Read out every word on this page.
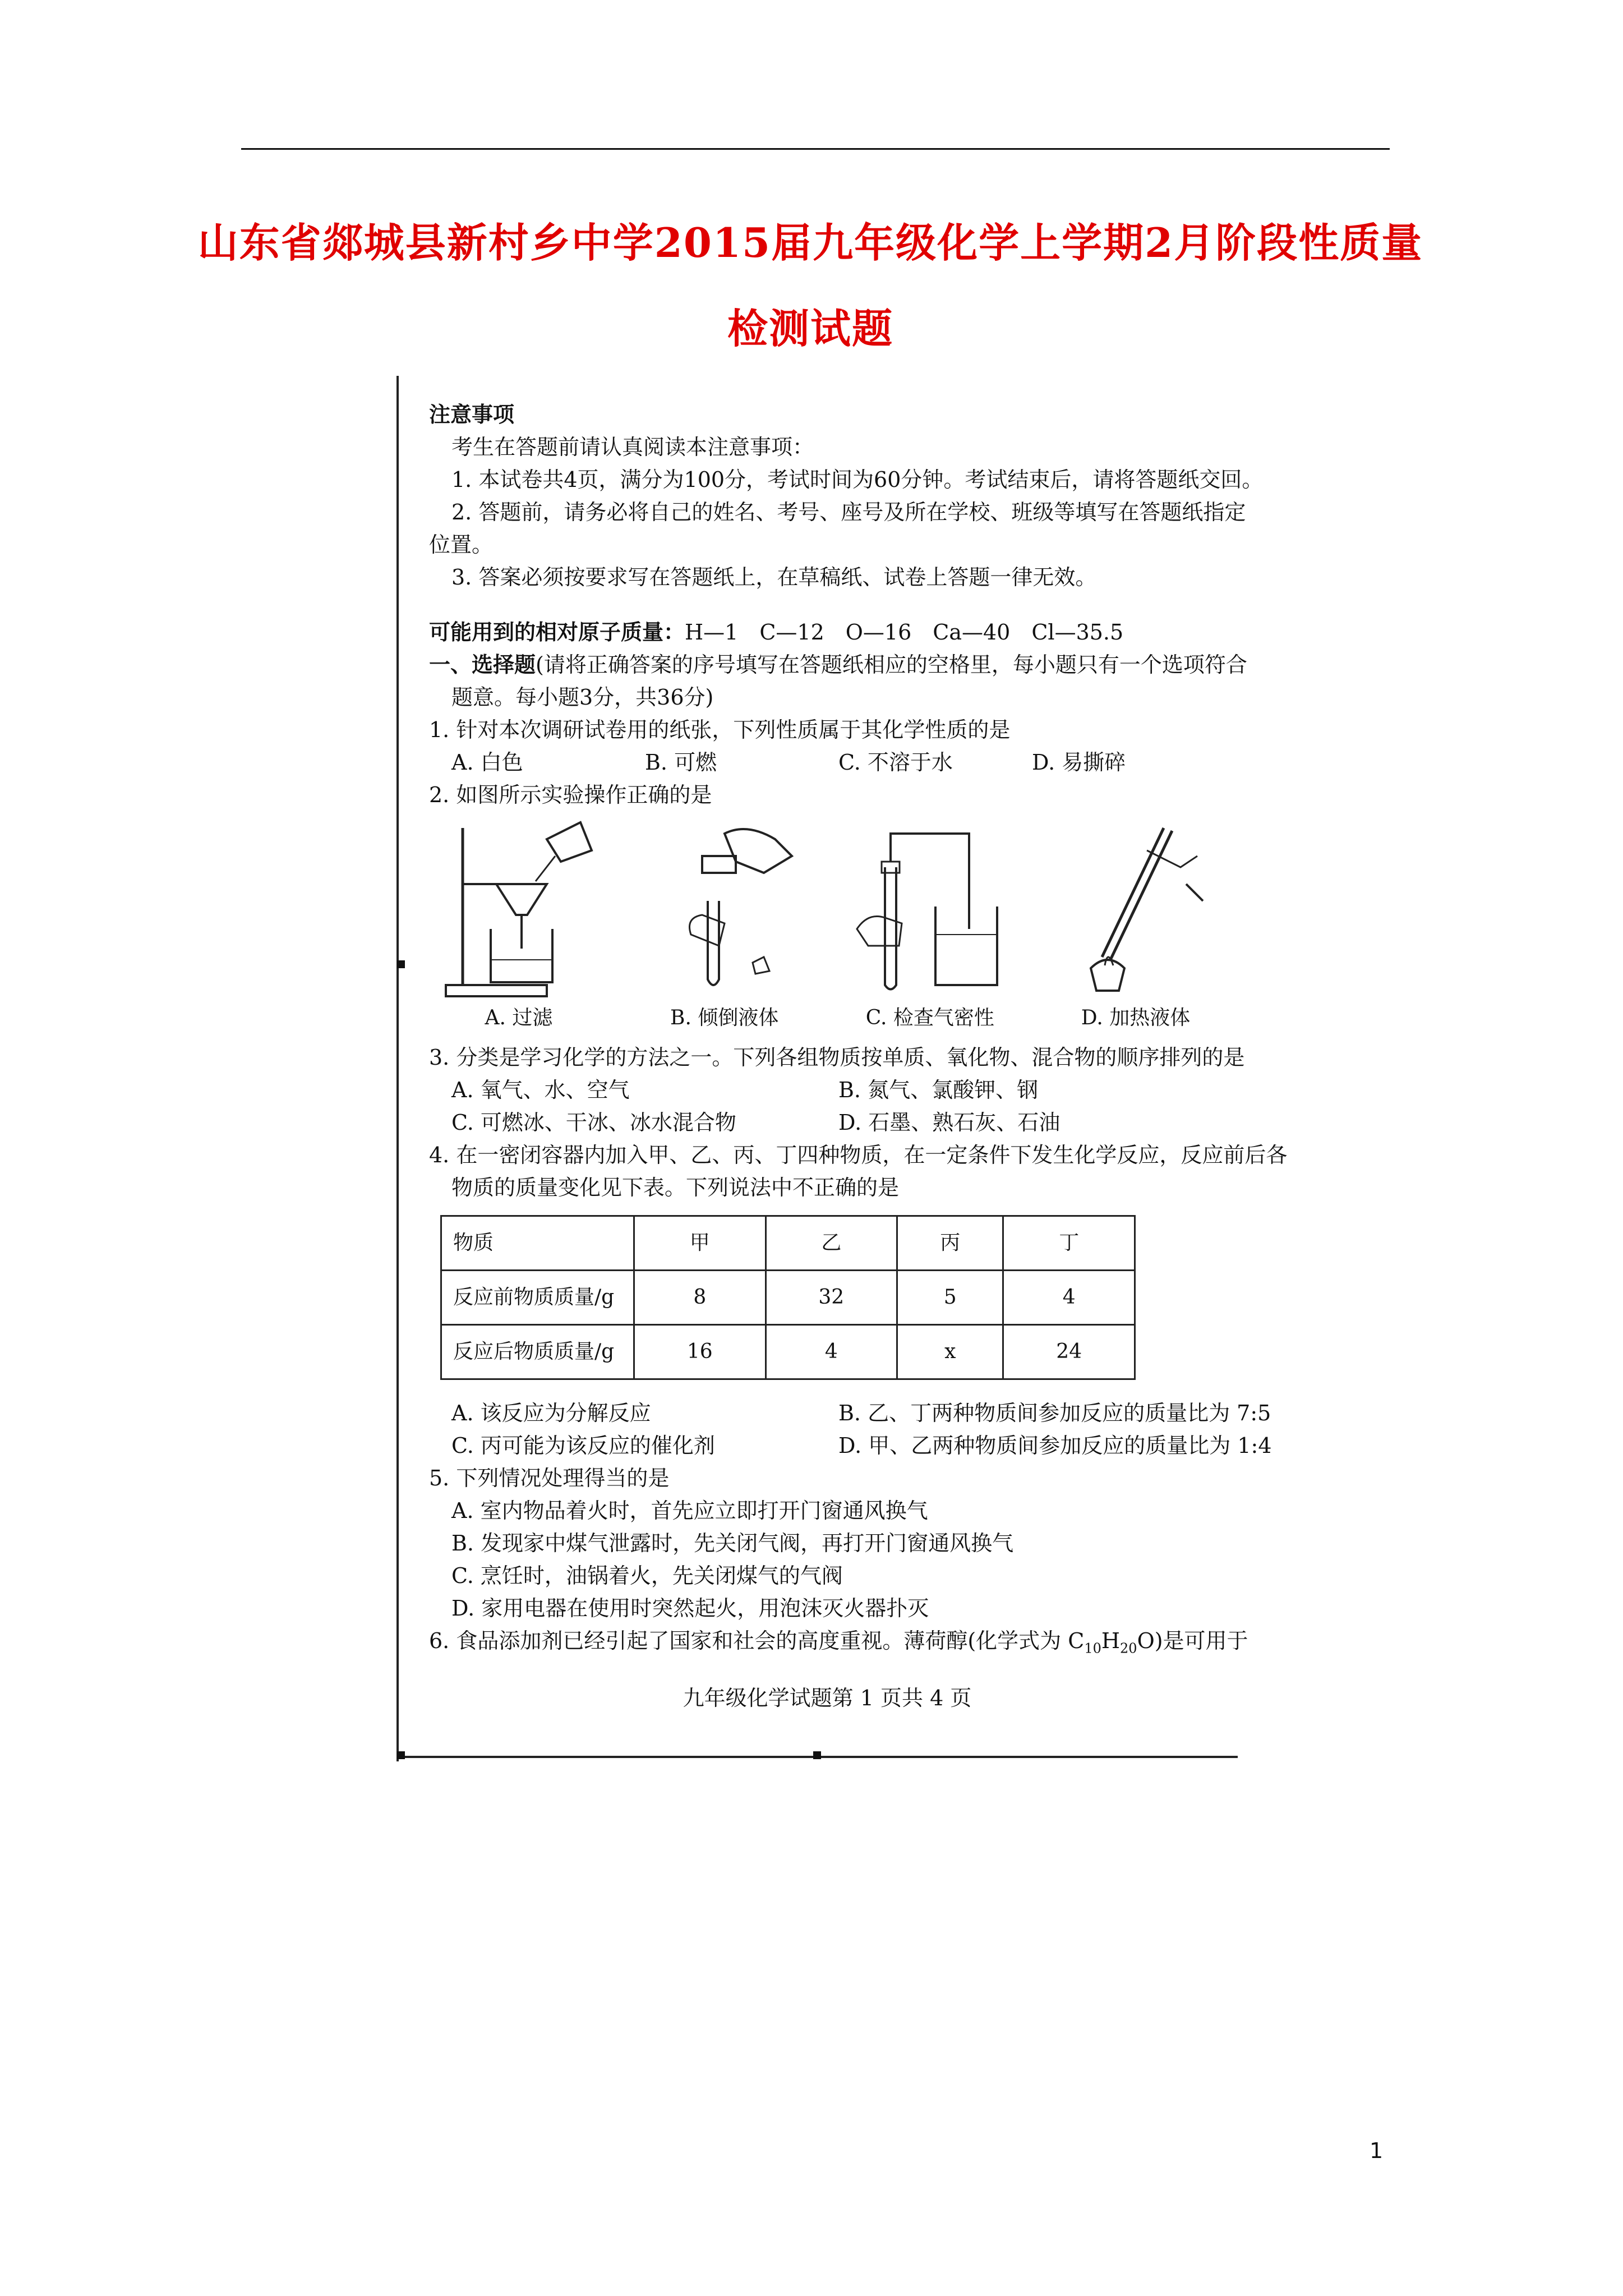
山东省郯城县新村乡中学2015届九年级化学上学期2月阶段性质量
检测试题
注意事项
考生在答题前请认真阅读本注意事项：
1. 本试卷共4页，满分为100分，考试时间为60分钟。考试结束后，请将答题纸交回。
2. 答题前，请务必将自己的姓名、考号、座号及所在学校、班级等填写在答题纸指定
位置。
3. 答案必须按要求写在答题纸上，在草稿纸、试卷上答题一律无效。
可能用到的相对原子质量：H—1　C—12　O—16　Ca—40　Cl—35.5
一、选择题(请将正确答案的序号填写在答题纸相应的空格里，每小题只有一个选项符合
题意。每小题3分，共36分)
1. 针对本次调研试卷用的纸张，下列性质属于其化学性质的是
A. 白色	B. 可燃	C. 不溶于水	D. 易撕碎
2. 如图所示实验操作正确的是
A. 过滤	B. 倾倒液体	C. 检查气密性	D. 加热液体
3. 分类是学习化学的方法之一。下列各组物质按单质、氧化物、混合物的顺序排列的是
A. 氧气、水、空气	B. 氮气、氯酸钾、钢
C. 可燃冰、干冰、冰水混合物	D. 石墨、熟石灰、石油
4. 在一密闭容器内加入甲、乙、丙、丁四种物质，在一定条件下发生化学反应，反应前后各
物质的质量变化见下表。下列说法中不正确的是
物质	甲	乙	丙	丁
反应前物质质量/g	8	32	5	4
反应后物质质量/g	16	4	x	24
A. 该反应为分解反应	B. 乙、丁两种物质间参加反应的质量比为 7:5
C. 丙可能为该反应的催化剂	D. 甲、乙两种物质间参加反应的质量比为 1:4
5. 下列情况处理得当的是
A. 室内物品着火时，首先应立即打开门窗通风换气
B. 发现家中煤气泄露时，先关闭气阀，再打开门窗通风换气
C. 烹饪时，油锅着火，先关闭煤气的气阀
D. 家用电器在使用时突然起火，用泡沫灭火器扑灭
6. 食品添加剂已经引起了国家和社会的高度重视。薄荷醇(化学式为 $C_{10}H_{20}O$)是可用于
九年级化学试题第 1 页共 4 页
1
